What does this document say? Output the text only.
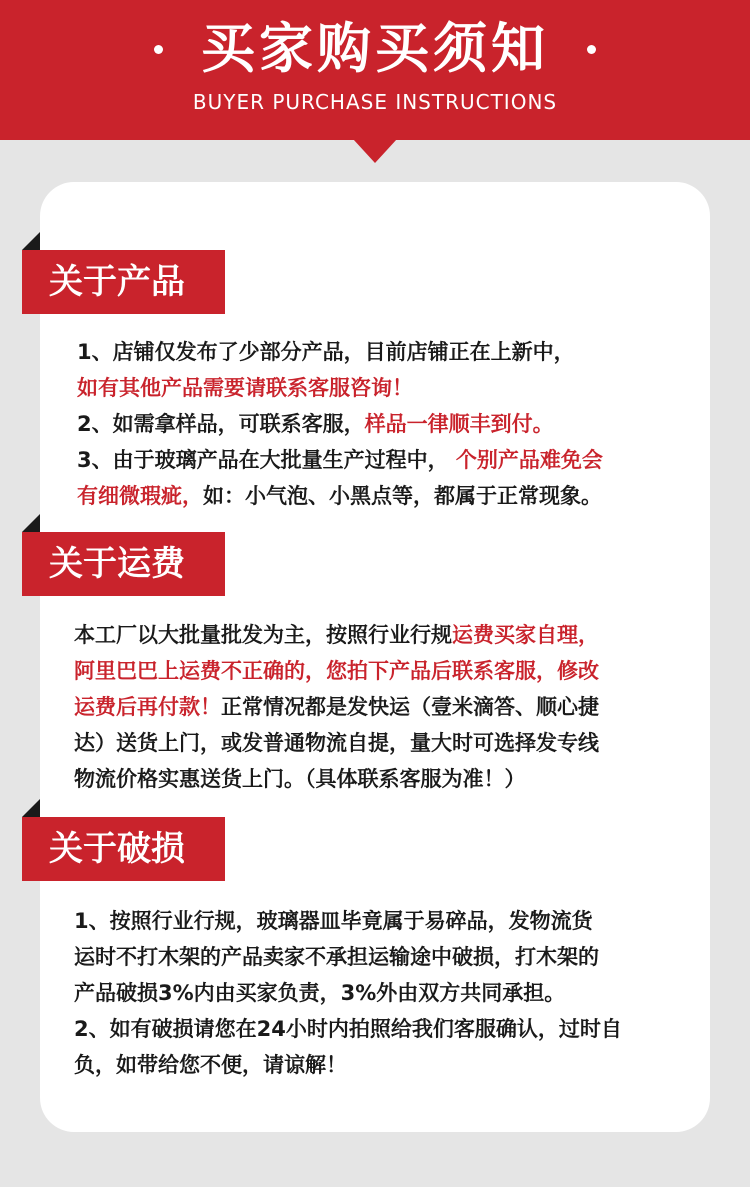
买家购买须知
BUYER PURCHASE INSTRUCTIONS
关于产品
1、店铺仅发布了少部分产品，目前店铺正在上新中，
如有其他产品需要请联系客服咨询！
2、如需拿样品，可联系客服，样品一律顺丰到付。
3、由于玻璃产品在大批量生产过程中， 个别产品难免会
有细微瑕疵，如：小气泡、小黑点等，都属于正常现象。
关于运费
本工厂以大批量批发为主，按照行业行规运费买家自理，
阿里巴巴上运费不正确的，您拍下产品后联系客服，修改
运费后再付款！正常情况都是发快运（壹米滴答、顺心捷
达）送货上门，或发普通物流自提，量大时可选择发专线
物流价格实惠送货上门。（具体联系客服为准！）
关于破损
1、按照行业行规，玻璃器皿毕竟属于易碎品，发物流货
运时不打木架的产品卖家不承担运输途中破损，打木架的
产品破损3%内由买家负责，3%外由双方共同承担。
2、如有破损请您在24小时内拍照给我们客服确认，过时自
负，如带给您不便，请谅解！
